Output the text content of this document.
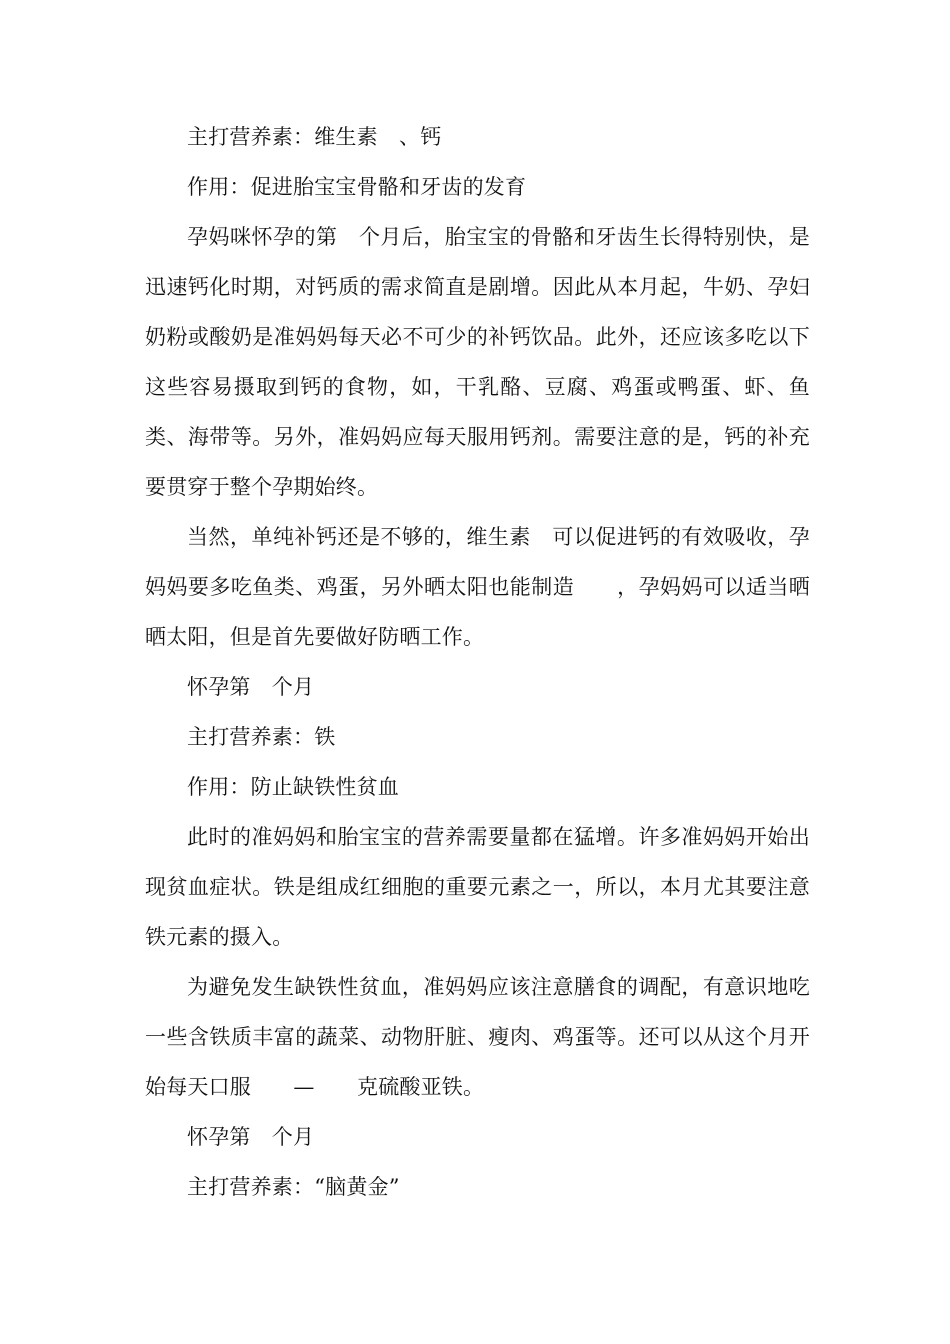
主打营养素：维生素　、钙

作用：促进胎宝宝骨骼和牙齿的发育

孕妈咪怀孕的第　个月后，胎宝宝的骨骼和牙齿生长得特别快，是迅速钙化时期，对钙质的需求简直是剧增。因此从本月起，牛奶、孕妇奶粉或酸奶是准妈妈每天必不可少的补钙饮品。此外，还应该多吃以下这些容易摄取到钙的食物，如，干乳酪、豆腐、鸡蛋或鸭蛋、虾、鱼类、海带等。另外，准妈妈应每天服用钙剂。需要注意的是，钙的补充要贯穿于整个孕期始终。

当然，单纯补钙还是不够的，维生素　可以促进钙的有效吸收，孕妈妈要多吃鱼类、鸡蛋，另外晒太阳也能制造　　，孕妈妈可以适当晒晒太阳，但是首先要做好防晒工作。

怀孕第　个月

主打营养素：铁

作用：防止缺铁性贫血

此时的准妈妈和胎宝宝的营养需要量都在猛增。许多准妈妈开始出现贫血症状。铁是组成红细胞的重要元素之一，所以，本月尤其要注意铁元素的摄入。

为避免发生缺铁性贫血，准妈妈应该注意膳食的调配，有意识地吃一些含铁质丰富的蔬菜、动物肝脏、瘦肉、鸡蛋等。还可以从这个月开始每天口服　　—　　克硫酸亚铁。

怀孕第　个月

主打营养素：“脑黄金”
